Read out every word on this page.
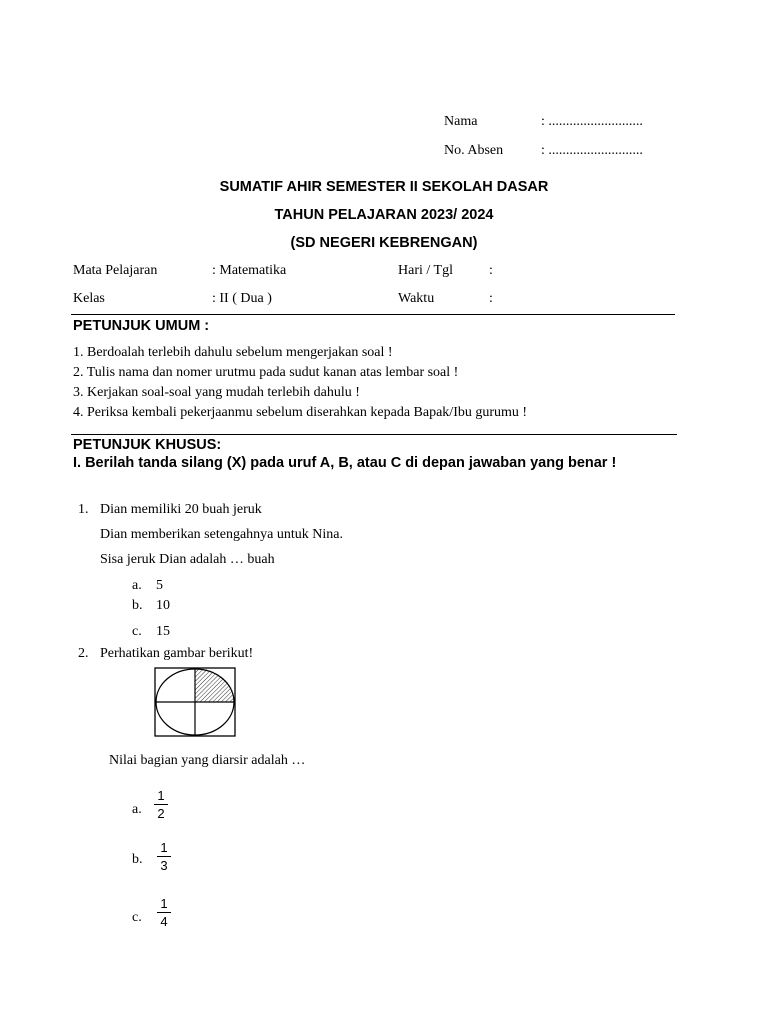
Nama	: ...........................
No. Absen	: ...........................
SUMATIF AHIR SEMESTER II SEKOLAH DASAR
TAHUN PELAJARAN 2023/ 2024
(SD NEGERI KEBRENGAN)
Mata Pelajaran	: Matematika	Hari / Tgl	:
Kelas	: II ( Dua )	Waktu	:
PETUNJUK UMUM :
1. Berdoalah terlebih dahulu sebelum mengerjakan soal !
2. Tulis nama dan nomer urutmu pada sudut kanan atas lembar soal !
3. Kerjakan soal-soal yang mudah terlebih dahulu !
4. Periksa kembali pekerjaanmu sebelum diserahkan kepada Bapak/Ibu gurumu !
PETUNJUK KHUSUS:
I. Berilah tanda silang (X) pada uruf A, B, atau C di depan jawaban yang benar !
1. Dian memiliki 20 buah jeruk
Dian memberikan setengahnya untuk Nina.
Sisa jeruk Dian adalah … buah
a. 5
b. 10
c. 15
2. Perhatikan gambar berikut!
Nilai bagian yang diarsir adalah …
a.
1
2
b.
1
3
c.
1
4
